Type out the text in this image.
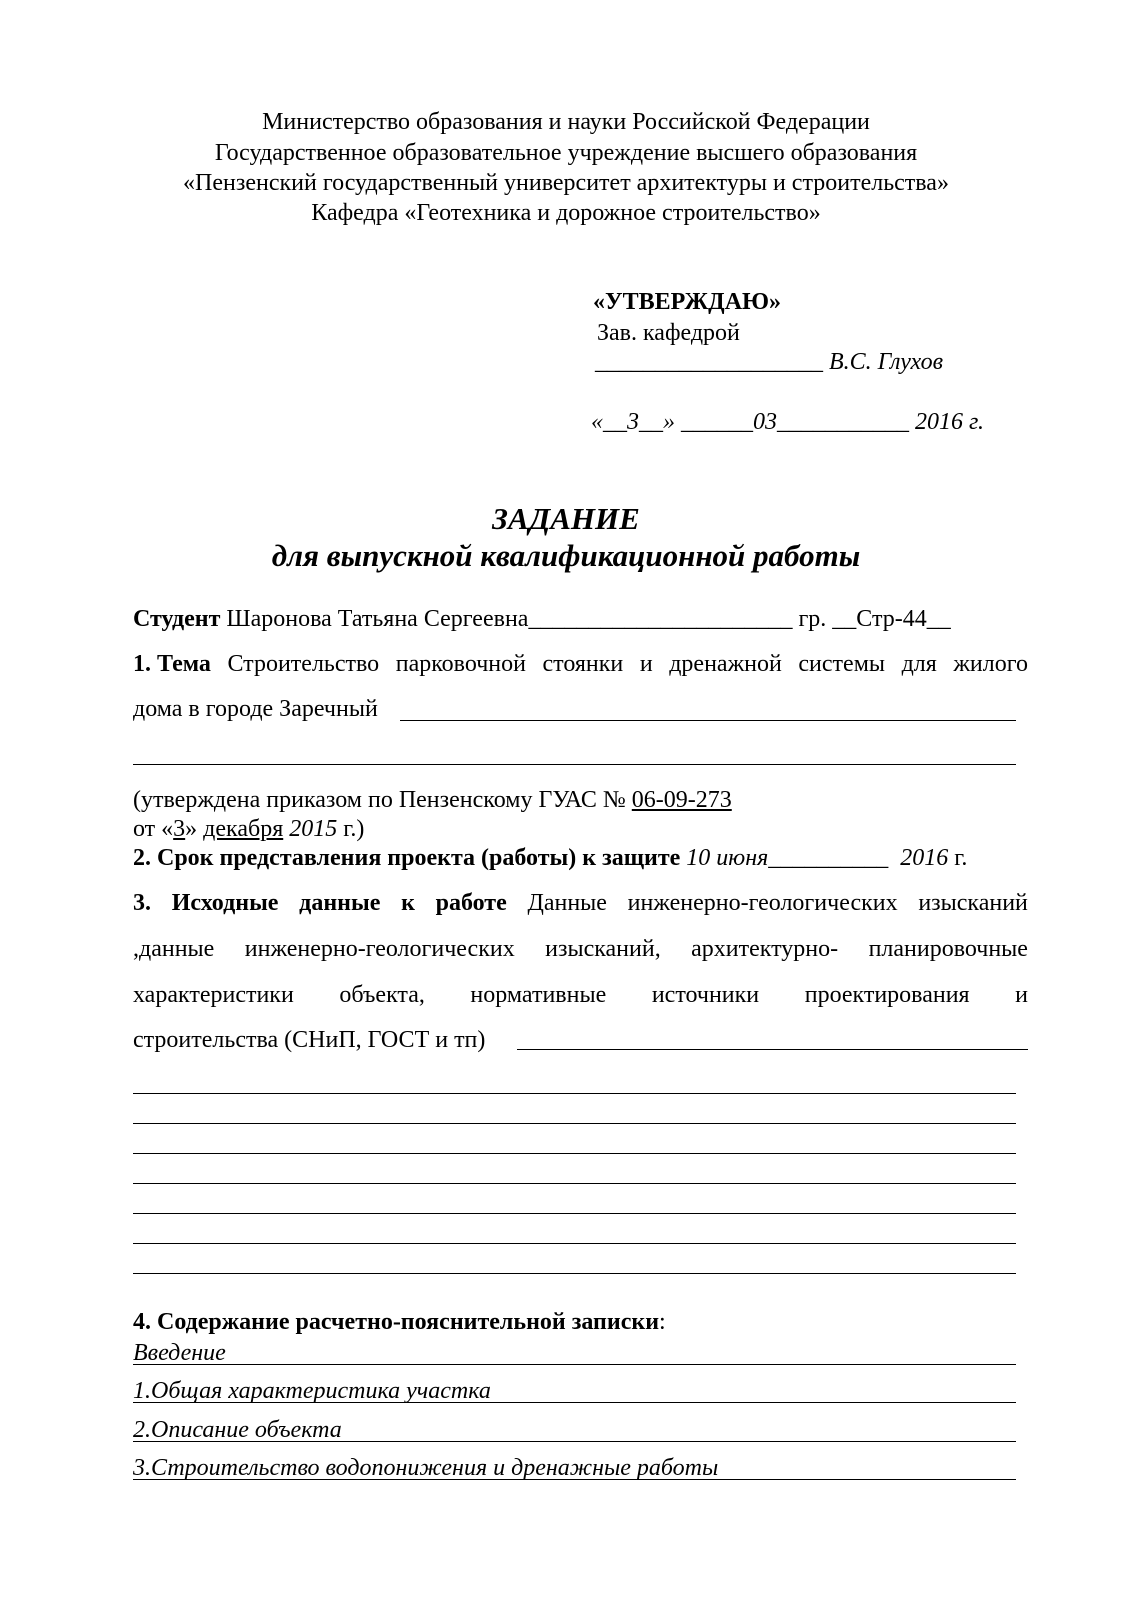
Министерство образования и науки Российской Федерации
Государственное образовательное учреждение высшего образования
«Пензенский государственный университет архитектуры и строительства»
Кафедра «Геотехника и дорожное строительство»
«УТВЕРЖДАЮ»
Зав. кафедрой
___________________ В.С. Глухов
«__3__» ______03___________ 2016 г.
ЗАДАНИЕ
для выпускной квалификационной работы
Студент Шаронова Татьяна Сергеевна______________________ гр. __Стр-44__
1. Тема Строительство парковочной стоянки и дренажной системы для жилого
дома в городе Заречный
(утверждена приказом по Пензенскому ГУАС № 06-09-273
от «3» декабря 2015 г.)
2. Срок представления проекта (работы) к защите 10 июня__________ 2016 г.
3. Исходные данные к работе Данные инженерно-геологических изысканий
,данные инженерно-геологических изысканий, архитектурно- планировочные
характеристики объекта, нормативные источники проектирования и
строительства (СНиП, ГОСТ и тп)
4. Содержание расчетно-пояснительной записки:
Введение
1.Общая характеристика участка
2.Описание объекта
3.Строительство водопонижения и дренажные работы
